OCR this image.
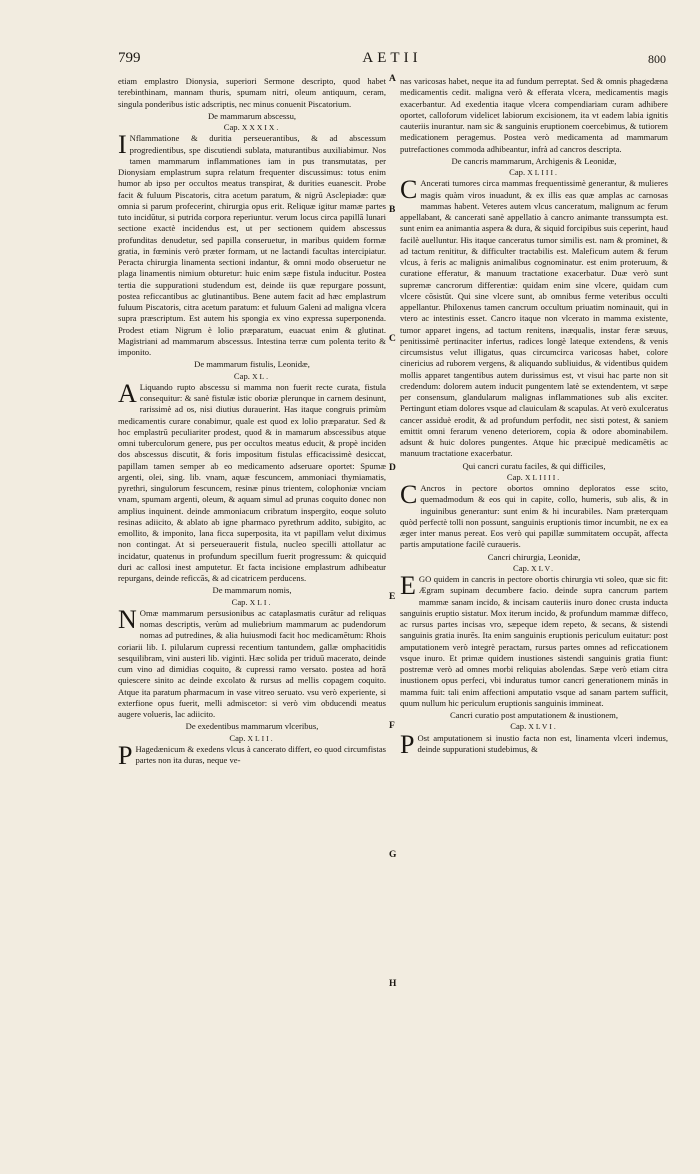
799	AETII	800
A
B
C
D
E
F
G
H

etiam emplastro Dionysia, superiori Sermone descripto, quod habet terebinthinam, mannam thuris, spumam nitri, oleum antiquum, ceram, singula ponderibus istic adscriptis, nec minus conuenit Piscatorium.

De mammarum abscessu,

Cap. XXXIX.

I Nflammatione & duritia perseuerantibus, & ad abscessum progredientibus, spe discutiendi sublata, maturantibus auxiliabimur. Nos tamen mammarum inflammationes iam in pus transmutatas, per Dionysiam emplastrum supra relatum frequenter discussimus: totus enim humor ab ipso per occultos meatus transpirat, & durities euanescit. Probe facit & fuluum Piscatoris, citra acetum paratum, & nigrū Asclepiadæ: quæ omnia si parum profecerint, chirurgia opus erit. Reliquæ igitur mamæ partes tuto incidūtur, si putrida corpora reperiuntur. verum locus circa papillā lunari sectione exactè incidendus est, ut per sectionem quidem abscessus profunditas denudetur, sed papilla conseruetur, in maribus quidem formæ gratia, in fœminis verò præter formam, ut ne lactandi facultas intercipiatur. Peracta chirurgia linamenta sectioni indantur, & omni modo obseruetur ne plaga linamentis nimium obturetur: huic enim sæpe fistula inducitur. Postea tertia die suppurationi studendum est, deinde iis quæ repurgare possunt, postea reficcantibus ac glutinantibus. Bene autem facit ad hæc emplastrum fuluum Piscatoris, citra acetum paratum: et fuluum Galeni ad maligna vlcera supra præscriptum. Est autem his spongia ex vino expressa superponenda. Prodest etiam Nigrum è lolio præparatum, euacuat enim & glutinat. Magistriani ad mammarum abscessus. Intestina terræ cum polenta terito & imponito.

De mammarum fistulis, Leonidæ,

Cap. XL.

A Liquando rupto abscessu si mamma non fuerit recte curata, fistula consequitur: & sanè fistulæ istic oboriæ plerunque in carnem desinunt, rarissimè ad os, nisi diutius durauerint. Has itaque congruis primùm medicamentis curare conabimur, quale est quod ex lolio præparatur. Sed & hoc emplastrū peculiariter prodest, quod & in mamarum abscessibus atque omni tuberculorum genere, pus per occultos meatus educit, & propè inciden dos abscessus discutit, & foris impositum fistulas efficacissimè desiccat, papillam tamen semper ab eo medicamento adseruare oportet: Spumæ argenti, olei, sing. lib. vnam, aquæ fescuncem, ammoniaci thymiamatis, pyrethri, singulorum fescuncem, resinæ pinus trientem, colophoniæ vnciam vnam, spumam argenti, oleum, & aquam simul ad prunas coquito donec non amplius inquinent. deinde ammoniacum cribratum inspergito, eoque soluto resinas adiicito, & ablato ab igne pharmaco pyrethrum addito, subigito, ac emollito, & imponito, lana ficca superposita, ita vt papillam velut diximus non contingat. At si perseuerauerit fistula, nucleo specilli attollatur ac incidatur, quatenus in profundum specillum fuerit progressum: & quicquid duri ac callosi inest amputetur. Et facta incisione emplastrum adhibeatur repurgans, deinde reficcās, & ad cicatricem perducens.

De mammarum nomis,

Cap. XLI.

N Omæ mammarum persusionibus ac cataplasmatis curātur ad reliquas nomas descriptis, verùm ad muliebrium mammarum ac pudendorum nomas ad putredines, & alia huiusmodi facit hoc medicamētum: Rhois coriarii lib. I. pilularum cupressi recentium tantundem, gallæ omphacitidis sesquilibram, vini austeri lib. viginti. Hæc solida per triduū macerato, deinde cum vino ad dimidias coquito, & cupressi ramo versato. postea ad horā quiescere sinito ac deinde excolato & rursus ad mellis copagem coquito. Atque ita paratum pharmacum in vase vitreo seruato. vsu verò experiente, si exterfione opus fuerit, melli admiscetor: si verò vim obducendi meatus augere volueris, lac adiicito.

De exedentibus mammarum vlceribus,

Cap. XLII.

P Hagedænicum & exedens vlcus à cancerato differt, eo quod circumfistas partes non ita duras, neque ve-

nas varicosas habet, neque ita ad fundum perreptat. Sed & omnis phagedæna medicamentis cedit. maligna verò & efferata vlcera, medicamentis magis exacerbantur. Ad exedentia itaque vlcera compendiariam curam adhibere oportet, calloforum videlicet labiorum excisionem, ita vt eadem labia ignitis cauteriis inurantur. nam sic & sanguinis eruptionem coercebimus, & tutiorem medicationem peragemus. Postea verò medicamenta ad mammarum putrefactiones commoda adhibeantur, infrà ad cancros descripta.

De cancris mammarum, Archigenis & Leonidæ,

Cap. XLIII.

C Ancerati tumores circa mammas frequentissimè generantur, & mulieres magis quàm viros inuadunt, & ex illis eas quæ amplas ac carnosas mammas habent. Veteres autem vlcus canceratum, malignum ac ferum appellabant, & cancerati sanè appellatio à cancro animante transsumpta est. sunt enim ea animantia aspera & dura, & siquid forcipibus suis ceperint, haud facilè auelluntur. His itaque canceratus tumor similis est. nam & prominet, & ad tactum renititur, & difficulter tractabilis est. Maleficum autem & ferum vlcus, à feris ac malignis animalibus cognominatur. est enim proteruum, & curatione efferatur, & manuum tractatione exacerbatur. Duæ verò sunt supremæ cancrorum differentiæ: quidam enim sine vlcere, quidam cum vlcere cōsistūt. Qui sine vlcere sunt, ab omnibus ferme veteribus occulti appellantur. Philoxenus tamen cancrum occultum priuatim nominauit, qui in vtero ac intestinis esset. Cancro itaque non vlcerato in mamma existente, tumor apparet ingens, ad tactum renitens, inæqualis, instar feræ sæuus, penitissimè pertinaciter infertus, radices longè lateque extendens, & venis circumsistus velut illigatus, quas circumcirca varicosas habet, colore cinericius ad ruborem vergens, & aliquando subliuidus, & videntibus quidem mollis apparet tangentibus autem durissimus est, vt visui hac parte non sit credendum: dolorem autem inducit pungentem latè se extendentem, vt sæpe per consensum, glandularum malignas inflammationes sub alis exciter. Pertingunt etiam dolores vsque ad clauiculam & scapulas. At verò exulceratus cancer assiduè erodit, & ad profundum perfodit, nec sisti potest, & saniem emittit omni ferarum veneno deteriorem, copia & odore abominabilem. adsunt & huic dolores pungentes. Atque hic præcipuè medicamētis ac manuum tractatione exacerbatur.

Qui cancri curatu faciles, & qui difficiles,

Cap. XLIIII.

C Ancros in pectore obortos omnino deploratos esse scito, quemadmodum & eos qui in capite, collo, humeris, sub alis, & in inguinibus generantur: sunt enim & hi incurabiles. Nam præterquam quòd perfectè tolli non possunt, sanguinis eruptionis timor incumbit, ne ex ea æger inter manus pereat. Eos verò qui papillæ summitatem occupāt, affecta partis amputatione facilè curaueris.

Cancri chirurgia, Leonidæ,

Cap. XLV.

EGO quidem in cancris in pectore obortis chirurgia vti soleo, quæ sic fit: Ægram supinam decumbere facio. deinde supra cancrum partem mammæ sanam incido, & incisam cauteriis inuro donec crusta inducta sanguinis eruptio sistatur. Mox iterum incido, & profundum mammæ diffeco, ac rursus partes incisas vro, sæpeque idem repeto, & secans, & sistendi sanguinis gratia inurēs. Ita enim sanguinis eruptionis periculum euitatur: post amputationem verò integrè peractam, rursus partes omnes ad reficcationem vsque inuro. Et primæ quidem inustiones sistendi sanguinis gratia fiunt: postremæ verò ad omnes morbi reliquias abolendas. Sæpe verò etiam citra inustionem opus perfeci, vbi induratus tumor cancri generationem minās in mamma fuit: tali enim affectioni amputatio vsque ad sanam partem sufficit, quum nullum hic periculum eruptionis sanguinis immineat.

Cancri curatio post amputationem & inustionem,

Cap. XLVI.

P Ost amputationem si inustio facta non est, linamenta vlceri indemus, deinde suppurationi studebimus, &
